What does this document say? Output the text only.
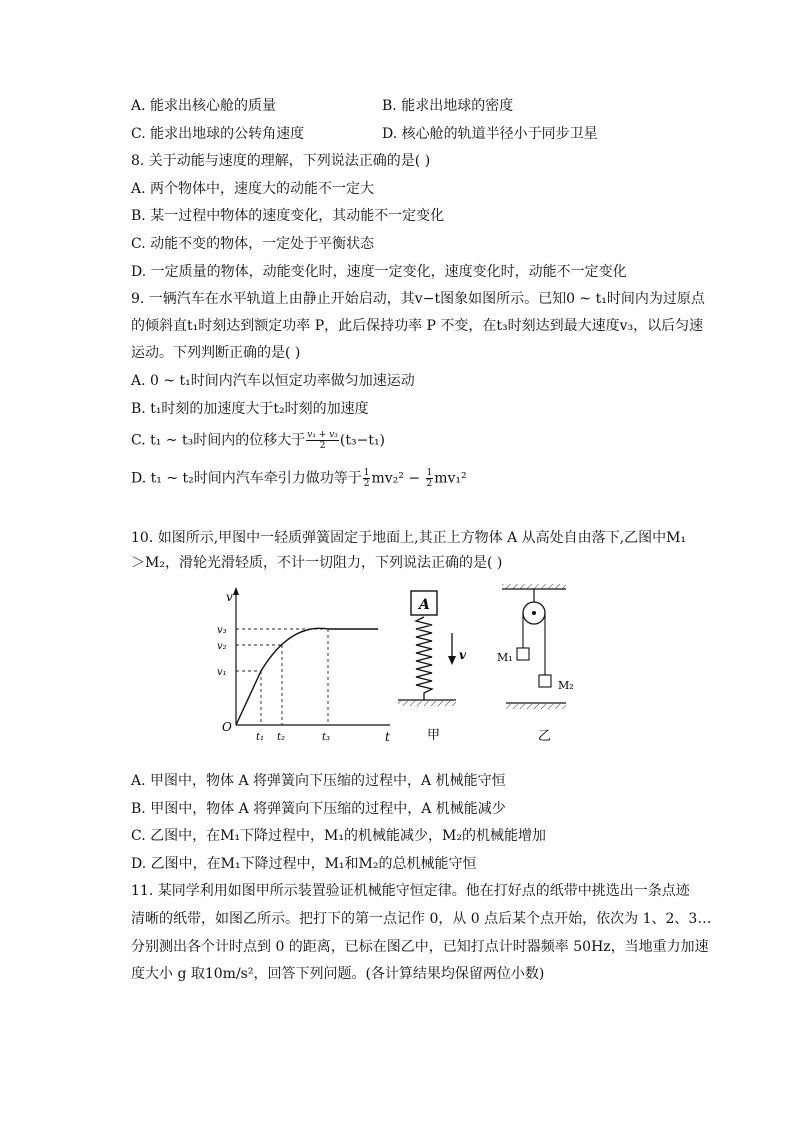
A. 能求出核心舱的质量	B. 能求出地球的密度
C. 能求出地球的公转角速度	D. 核心舱的轨道半径小于同步卫星
8. 关于动能与速度的理解，下列说法正确的是( )
A. 两个物体中，速度大的动能不一定大
B. 某一过程中物体的速度变化，其动能不一定变化
C. 动能不变的物体，一定处于平衡状态
D. 一定质量的物体，动能变化时，速度一定变化，速度变化时，动能不一定变化
9. 一辆汽车在水平轨道上由静止开始启动，其v−t图象如图所示。已知0 ~ t₁时间内为过原点
的倾斜直t₁时刻达到额定功率 P，此后保持功率 P 不变，在t₃时刻达到最大速度v₃，以后匀速
运动。下列判断正确的是( )
A. 0 ~ t₁时间内汽车以恒定功率做匀加速运动
B. t₁时刻的加速度大于t₂时刻的加速度
C. t₁ ~ t₃时间内的位移大于 $\frac{\text{v₁ + v₃}}{2} (t_3-t_1)$
D. t₁ ~ t₂时间内汽车牵引力做功等于 $\frac{1}{2} mv_2^2 - \frac{1}{2} mv_1^2$
10. 如图所示,甲图中一轻质弹簧固定于地面上,其正上方物体 A 从高处自由落下,乙图中M₁
＞M₂，滑轮光滑轻质，不计一切阻力，下列说法正确的是( )
v
t
O
v₃
v₂
v₁
t₁ t₂	t₃
A
v
甲
M₁
M₂
乙
A. 甲图中，物体 A 将弹簧向下压缩的过程中，A 机械能守恒
B. 甲图中，物体 A 将弹簧向下压缩的过程中，A 机械能减少
C. 乙图中，在M₁下降过程中，M₁的机械能减少，M₂的机械能增加
D. 乙图中，在M₁下降过程中，M₁和M₂的总机械能守恒
11. 某同学利用如图甲所示装置验证机械能守恒定律。他在打好点的纸带中挑选出一条点迹
清晰的纸带，如图乙所示。把打下的第一点记作 0，从 0 点后某个点开始，依次为 1、2、3…
分别测出各个计时点到 0 的距离，已标在图乙中，已知打点计时器频率 50Hz，当地重力加速
度大小 g 取10m/s²，回答下列问题。(各计算结果均保留两位小数)
